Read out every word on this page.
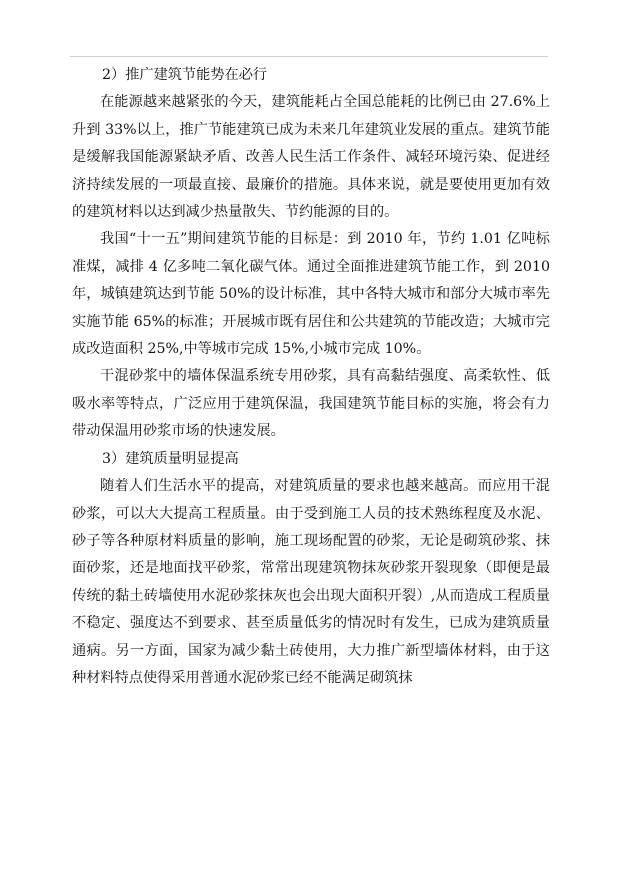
2）推广建筑节能势在必行

在能源越来越紧张的今天，建筑能耗占全国总能耗的比例已由 27.6%上升到 33%以上，推广节能建筑已成为未来几年建筑业发展的重点。建筑节能是缓解我国能源紧缺矛盾、改善人民生活工作条件、减轻环境污染、促进经济持续发展的一项最直接、最廉价的措施。具体来说，就是要使用更加有效的建筑材料以达到减少热量散失、节约能源的目的。

我国“十一五”期间建筑节能的目标是：到 2010 年，节约 1.01 亿吨标准煤，减排 4 亿多吨二氧化碳气体。通过全面推进建筑节能工作，到 2010 年，城镇建筑达到节能 50%的设计标准，其中各特大城市和部分大城市率先实施节能 65%的标准；开展城市既有居住和公共建筑的节能改造；大城市完成改造面积 25%,中等城市完成 15%,小城市完成 10%。

干混砂浆中的墙体保温系统专用砂浆，具有高黏结强度、高柔软性、低吸水率等特点，广泛应用于建筑保温，我国建筑节能目标的实施，将会有力带动保温用砂浆市场的快速发展。

3）建筑质量明显提高

随着人们生活水平的提高，对建筑质量的要求也越来越高。而应用干混砂浆，可以大大提高工程质量。由于受到施工人员的技术熟练程度及水泥、砂子等各种原材料质量的影响，施工现场配置的砂浆，无论是砌筑砂浆、抹面砂浆，还是地面找平砂浆，常常出现建筑物抹灰砂浆开裂现象（即便是最传统的黏土砖墙使用水泥砂浆抹灰也会出现大面积开裂）,从而造成工程质量不稳定、强度达不到要求、甚至质量低劣的情况时有发生，已成为建筑质量通病。另一方面，国家为减少黏土砖使用，大力推广新型墙体材料，由于这种材料特点使得采用普通水泥砂浆已经不能满足砌筑抹
